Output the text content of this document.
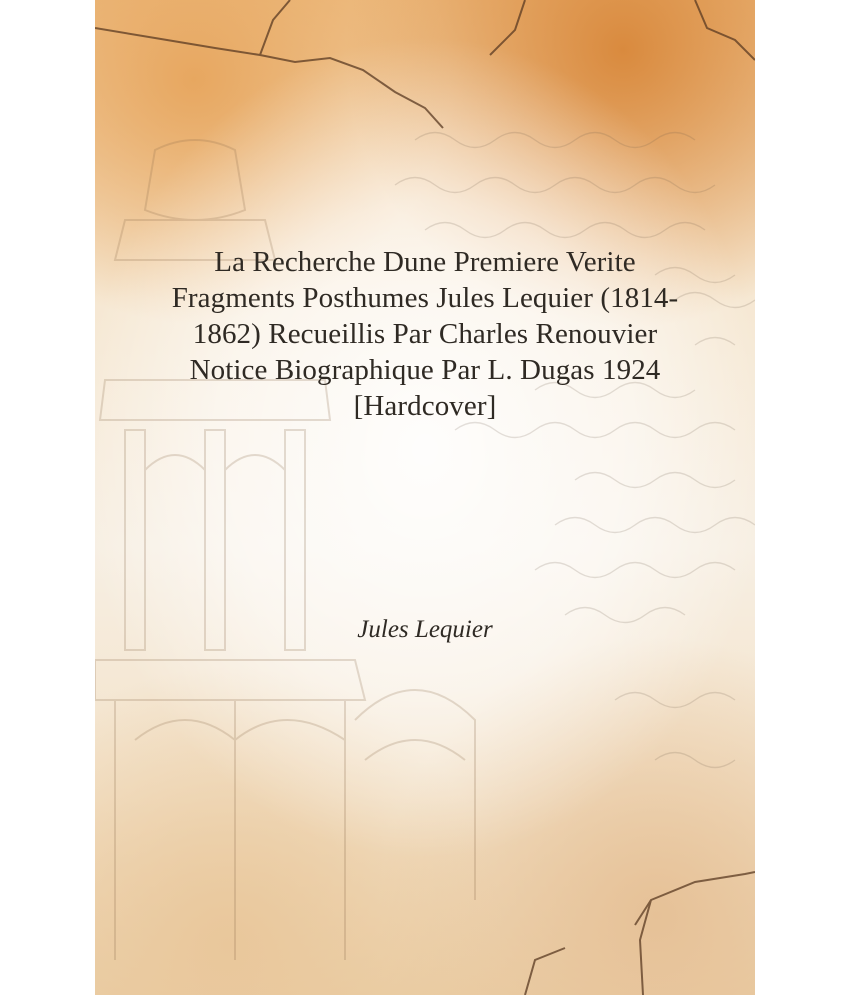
La Recherche Dune Premiere Verite
Fragments Posthumes Jules Lequier (1814-
1862) Recueillis Par Charles Renouvier
Notice Biographique Par L. Dugas 1924
[Hardcover]
Jules Lequier
